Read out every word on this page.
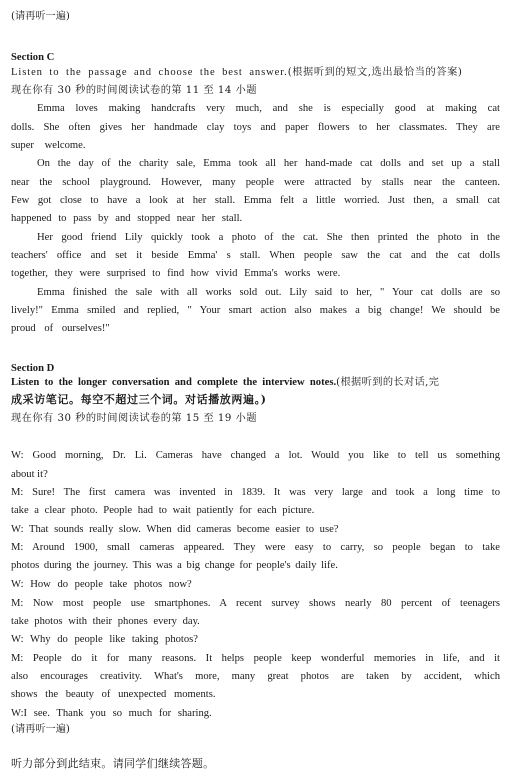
(请再听一遍)
Section C
Listen to the passage and choose the best answer.(根据听到的短文,选出最恰当的答案)
现在你有 30 秒的时间阅读试卷的第 11 至 14 小题
Emma loves making handcrafts very much, and she is especially good at making cat
dolls. She often gives her handmade clay toys and paper flowers to her classmates. They are
super welcome.
On the day of the charity sale, Emma took all her hand-made cat dolls and set up a stall
near the school playground. However, many people were attracted by stalls near the canteen.
Few got close to have a look at her stall. Emma felt a little worried. Just then, a small cat
happened to pass by and stopped near her stall.
Her good friend Lily quickly took a photo of the cat. She then printed the photo in the
teachers' office and set it beside Emma' s stall. When people saw the cat and the cat dolls
together, they were surprised to find how vivid Emma's works were.
Emma finished the sale with all works sold out. Lily said to her, " Your cat dolls are so
lively!" Emma smiled and replied, " Your smart action also makes a big change! We should be
proud of ourselves!"
Section D
Listen to the longer conversation and complete the interview notes.(根据听到的长对话,完
成采访笔记。每空不超过三个词。对话播放两遍。)
现在你有 30 秒的时间阅读试卷的第 15 至 19 小题
W: Good morning, Dr. Li. Cameras have changed a lot. Would you like to tell us something
about it?
M: Sure! The first camera was invented in 1839. It was very large and took a long time to
take a clear photo. People had to wait patiently for each picture.
W: That sounds really slow. When did cameras become easier to use?
M: Around 1900, small cameras appeared. They were easy to carry, so people began to take
photos during the journey. This was a big change for people's daily life.
W: How do people take photos now?
M: Now most people use smartphones. A recent survey shows nearly 80 percent of teenagers
take photos with their phones every day.
W: Why do people like taking photos?
M: People do it for many reasons. It helps people keep wonderful memories in life, and it
also encourages creativity. What's more, many great photos are taken by accident, which
shows the beauty of unexpected moments.
W:I see. Thank you so much for sharing.
(请再听一遍)
听力部分到此结束。请同学们继续答题。
